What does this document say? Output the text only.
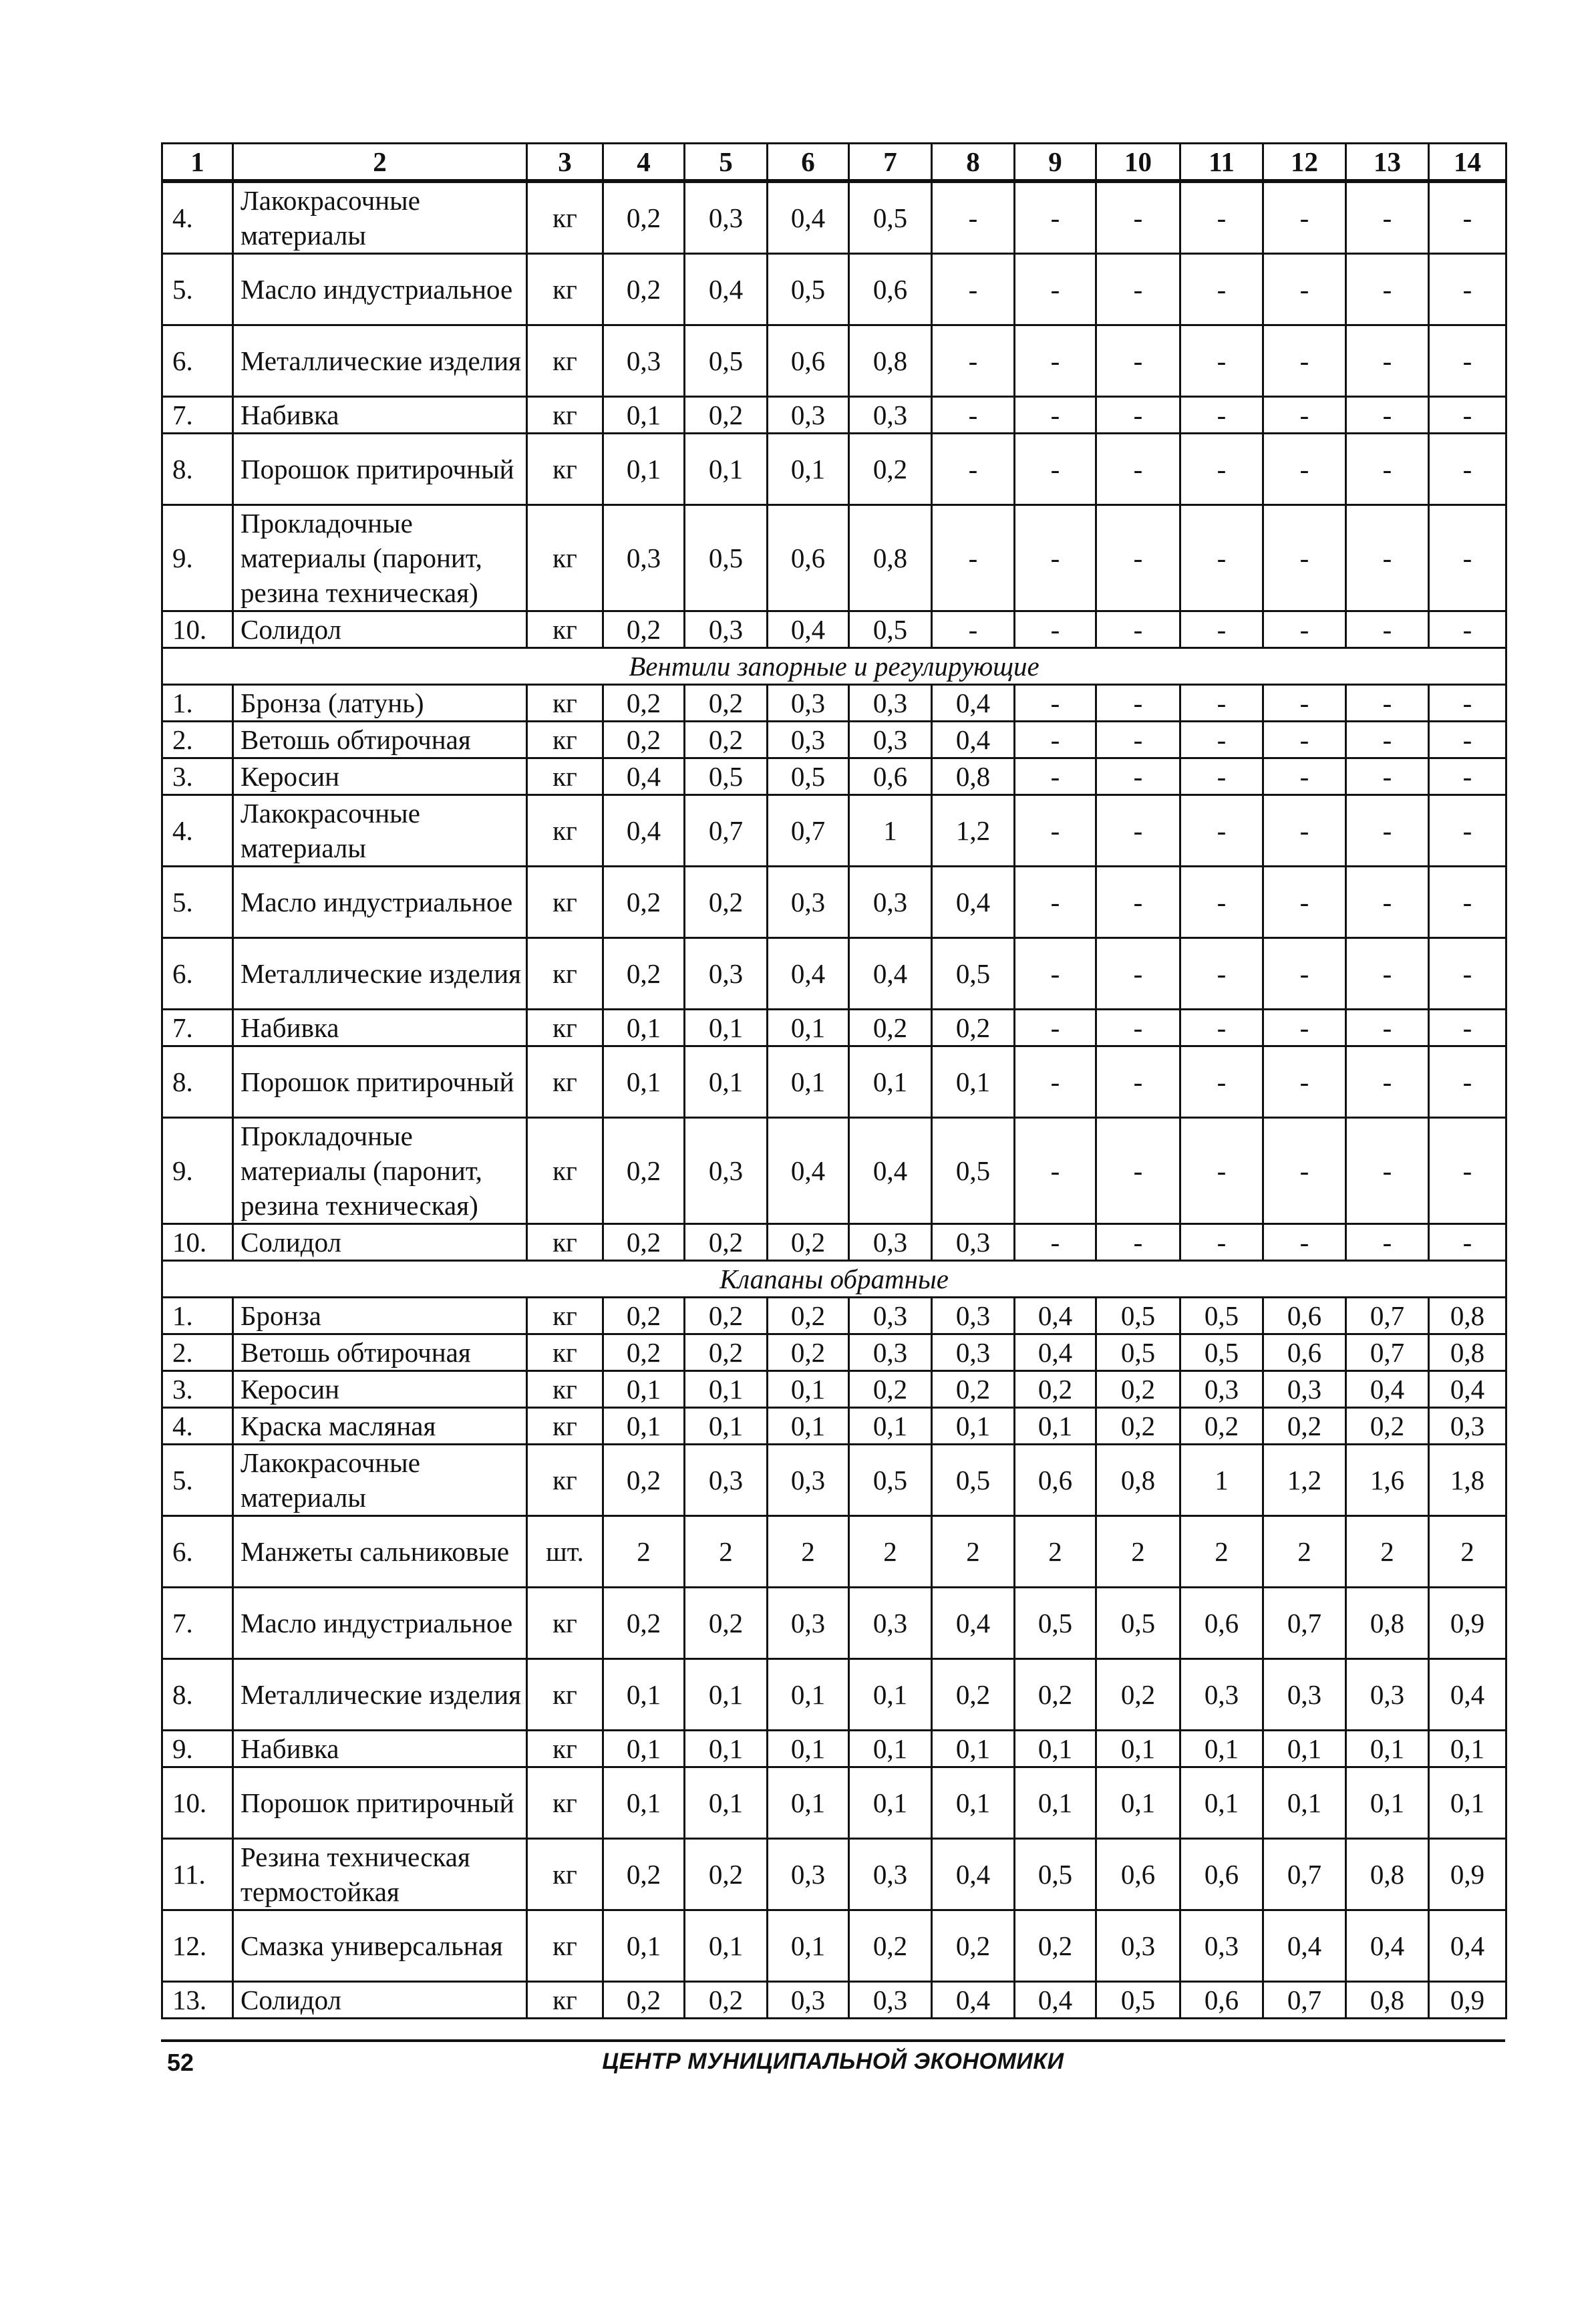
1	2	3	4	5	6	7	8	9	10	11	12	13	14
4.	Лакокрасочные материалы	кг	0,2	0,3	0,4	0,5	-	-	-	-	-	-	-
5.	Масло индустриальное	кг	0,2	0,4	0,5	0,6	-	-	-	-	-	-	-
6.	Металлические изделия	кг	0,3	0,5	0,6	0,8	-	-	-	-	-	-	-
7.	Набивка	кг	0,1	0,2	0,3	0,3	-	-	-	-	-	-	-
8.	Порошок притирочный	кг	0,1	0,1	0,1	0,2	-	-	-	-	-	-	-
9.	Прокладочные материалы (паронит, резина техническая)	кг	0,3	0,5	0,6	0,8	-	-	-	-	-	-	-
10.	Солидол	кг	0,2	0,3	0,4	0,5	-	-	-	-	-	-	-
Вентили запорные и регулирующие													
1.	Бронза (латунь)	кг	0,2	0,2	0,3	0,3	0,4	-	-	-	-	-	-
2.	Ветошь обтирочная	кг	0,2	0,2	0,3	0,3	0,4	-	-	-	-	-	-
3.	Керосин	кг	0,4	0,5	0,5	0,6	0,8	-	-	-	-	-	-
4.	Лакокрасочные материалы	кг	0,4	0,7	0,7	1	1,2	-	-	-	-	-	-
5.	Масло индустриальное	кг	0,2	0,2	0,3	0,3	0,4	-	-	-	-	-	-
6.	Металлические изделия	кг	0,2	0,3	0,4	0,4	0,5	-	-	-	-	-	-
7.	Набивка	кг	0,1	0,1	0,1	0,2	0,2	-	-	-	-	-	-
8.	Порошок притирочный	кг	0,1	0,1	0,1	0,1	0,1	-	-	-	-	-	-
9.	Прокладочные материалы (паронит, резина техническая)	кг	0,2	0,3	0,4	0,4	0,5	-	-	-	-	-	-
10.	Солидол	кг	0,2	0,2	0,2	0,3	0,3	-	-	-	-	-	-
Клапаны обратные													
1.	Бронза	кг	0,2	0,2	0,2	0,3	0,3	0,4	0,5	0,5	0,6	0,7	0,8
2.	Ветошь обтирочная	кг	0,2	0,2	0,2	0,3	0,3	0,4	0,5	0,5	0,6	0,7	0,8
3.	Керосин	кг	0,1	0,1	0,1	0,2	0,2	0,2	0,2	0,3	0,3	0,4	0,4
4.	Краска масляная	кг	0,1	0,1	0,1	0,1	0,1	0,1	0,2	0,2	0,2	0,2	0,3
5.	Лакокрасочные материалы	кг	0,2	0,3	0,3	0,5	0,5	0,6	0,8	1	1,2	1,6	1,8
6.	Манжеты сальниковые	шт.	2	2	2	2	2	2	2	2	2	2	2
7.	Масло индустриальное	кг	0,2	0,2	0,3	0,3	0,4	0,5	0,5	0,6	0,7	0,8	0,9
8.	Металлические изделия	кг	0,1	0,1	0,1	0,1	0,2	0,2	0,2	0,3	0,3	0,3	0,4
9.	Набивка	кг	0,1	0,1	0,1	0,1	0,1	0,1	0,1	0,1	0,1	0,1	0,1
10.	Порошок притирочный	кг	0,1	0,1	0,1	0,1	0,1	0,1	0,1	0,1	0,1	0,1	0,1
11.	Резина техническая термостойкая	кг	0,2	0,2	0,3	0,3	0,4	0,5	0,6	0,6	0,7	0,8	0,9
12.	Смазка универсальная	кг	0,1	0,1	0,1	0,2	0,2	0,2	0,3	0,3	0,4	0,4	0,4
13.	Солидол	кг	0,2	0,2	0,3	0,3	0,4	0,4	0,5	0,6	0,7	0,8	0,9
52	ЦЕНТР МУНИЦИПАЛЬНОЙ ЭКОНОМИКИ
